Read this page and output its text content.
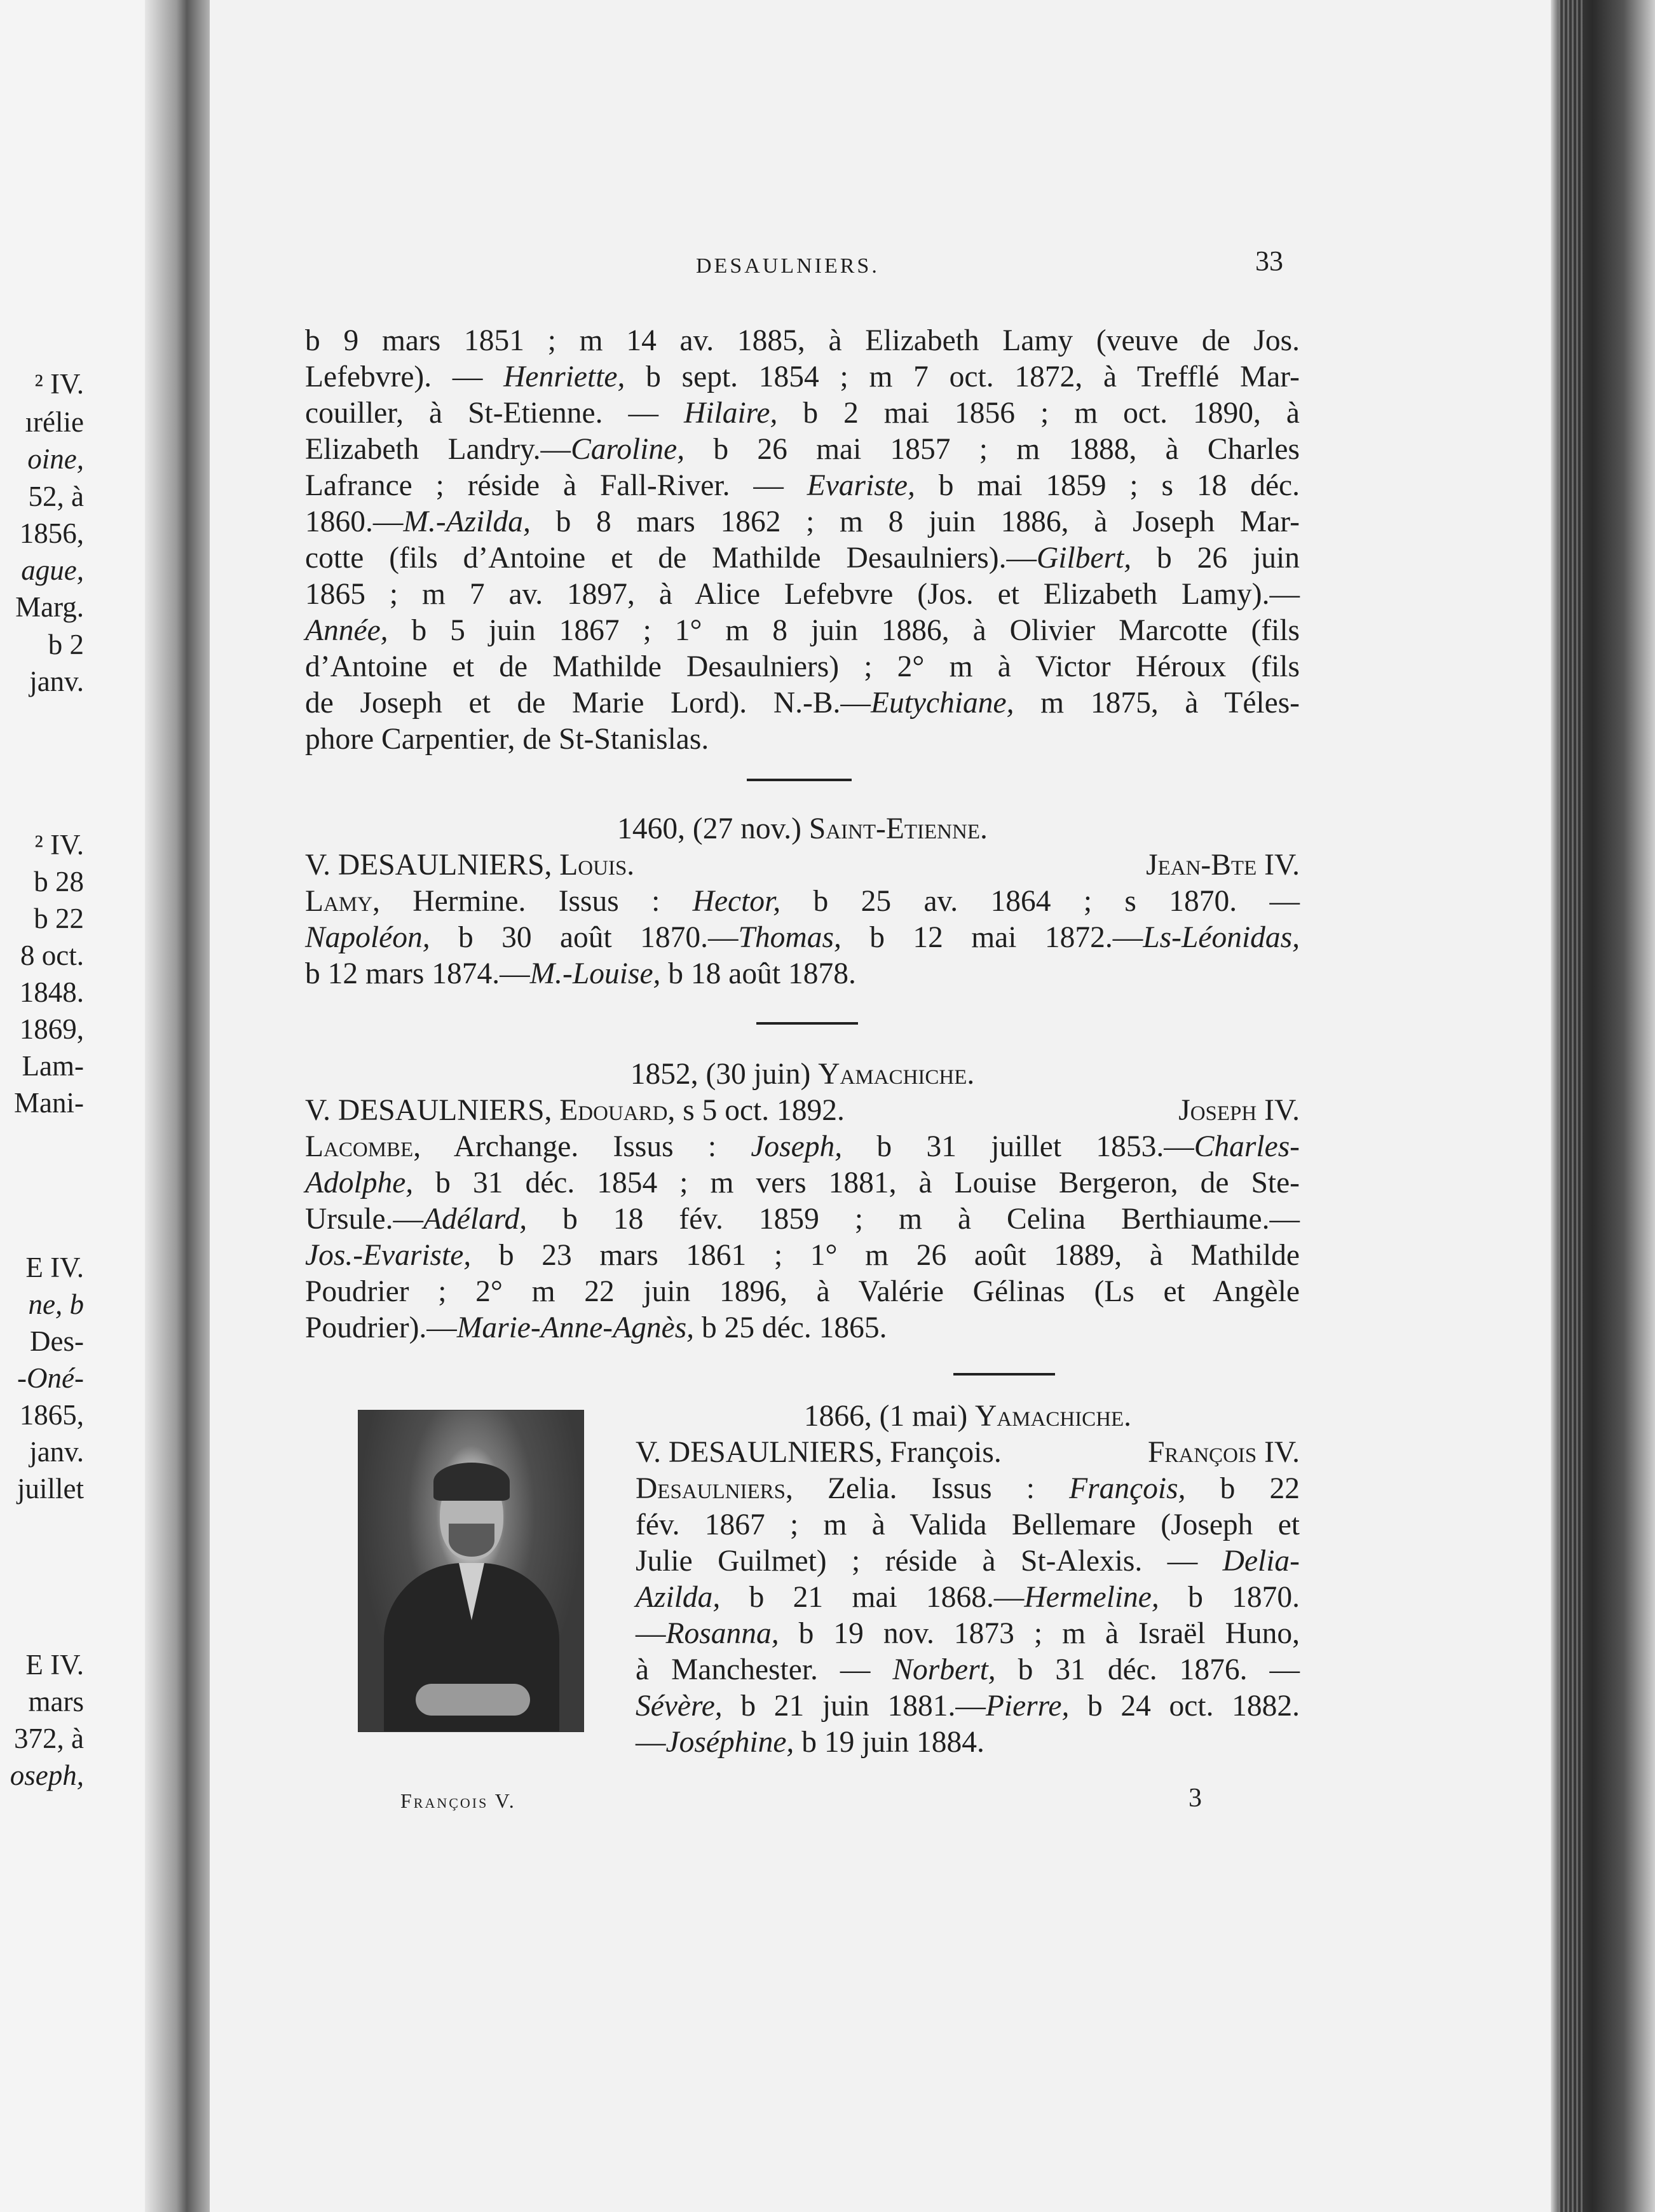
² IV.
ırélie
oine,
52, à
1856,
ague,
Marg.
b 2
janv.
² IV.
b 28
b 22
8 oct.
1848.
1869,
Lam-
Mani-
E IV.
ne, b
Des-
-Oné-
1865,
janv.
juillet
E IV.
mars
372, à
oseph,
DESAULNIERS.	33
b 9 mars 1851 ; m 14 av. 1885, à Elizabeth Lamy (veuve de Jos.
Lefebvre). — Henriette, b sept. 1854 ; m 7 oct. 1872, à Trefflé Mar-
couiller, à St-Etienne. — Hilaire, b 2 mai 1856 ; m oct. 1890, à
Elizabeth Landry.—Caroline, b 26 mai 1857 ; m 1888, à Charles
Lafrance ; réside à Fall-River. — Evariste, b mai 1859 ; s 18 déc.
1860.—M.-Azilda, b 8 mars 1862 ; m 8 juin 1886, à Joseph Mar-
cotte (fils d’Antoine et de Mathilde Desaulniers).—Gilbert, b 26 juin
1865 ; m 7 av. 1897, à Alice Lefebvre (Jos. et Elizabeth Lamy).—
Année, b 5 juin 1867 ; 1° m 8 juin 1886, à Olivier Marcotte (fils
d’Antoine et de Mathilde Desaulniers) ; 2° m à Victor Héroux (fils
de Joseph et de Marie Lord). N.-B.—Eutychiane, m 1875, à Téles-
phore Carpentier, de St-Stanislas.
1460, (27 nov.) Saint-Etienne.
V. DESAULNIERS, Louis.	Jean-Bte IV.
Lamy, Hermine. Issus : Hector, b 25 av. 1864 ; s 1870. —
Napoléon, b 30 août 1870.—Thomas, b 12 mai 1872.—Ls-Léonidas,
b 12 mars 1874.—M.-Louise, b 18 août 1878.
1852, (30 juin) Yamachiche.
V. DESAULNIERS, Edouard, s 5 oct. 1892.	Joseph IV.
Lacombe, Archange. Issus : Joseph, b 31 juillet 1853.—Charles-
Adolphe, b 31 déc. 1854 ; m vers 1881, à Louise Bergeron, de Ste-
Ursule.—Adélard, b 18 fév. 1859 ; m à Celina Berthiaume.—
Jos.-Evariste, b 23 mars 1861 ; 1° m 26 août 1889, à Mathilde
Poudrier ; 2° m 22 juin 1896, à Valérie Gélinas (Ls et Angèle
Poudrier).—Marie-Anne-Agnès, b 25 déc. 1865.
François V.	3
1866, (1 mai) Yamachiche.
V. DESAULNIERS, François.	François IV.
Desaulniers, Zelia. Issus : François, b 22
fév. 1867 ; m à Valida Bellemare (Joseph et
Julie Guilmet) ; réside à St-Alexis. — Delia-
Azilda, b 21 mai 1868.—Hermeline, b 1870.
—Rosanna, b 19 nov. 1873 ; m à Israël Huno,
à Manchester. — Norbert, b 31 déc. 1876. —
Sévère, b 21 juin 1881.—Pierre, b 24 oct. 1882.
—Joséphine, b 19 juin 1884.
